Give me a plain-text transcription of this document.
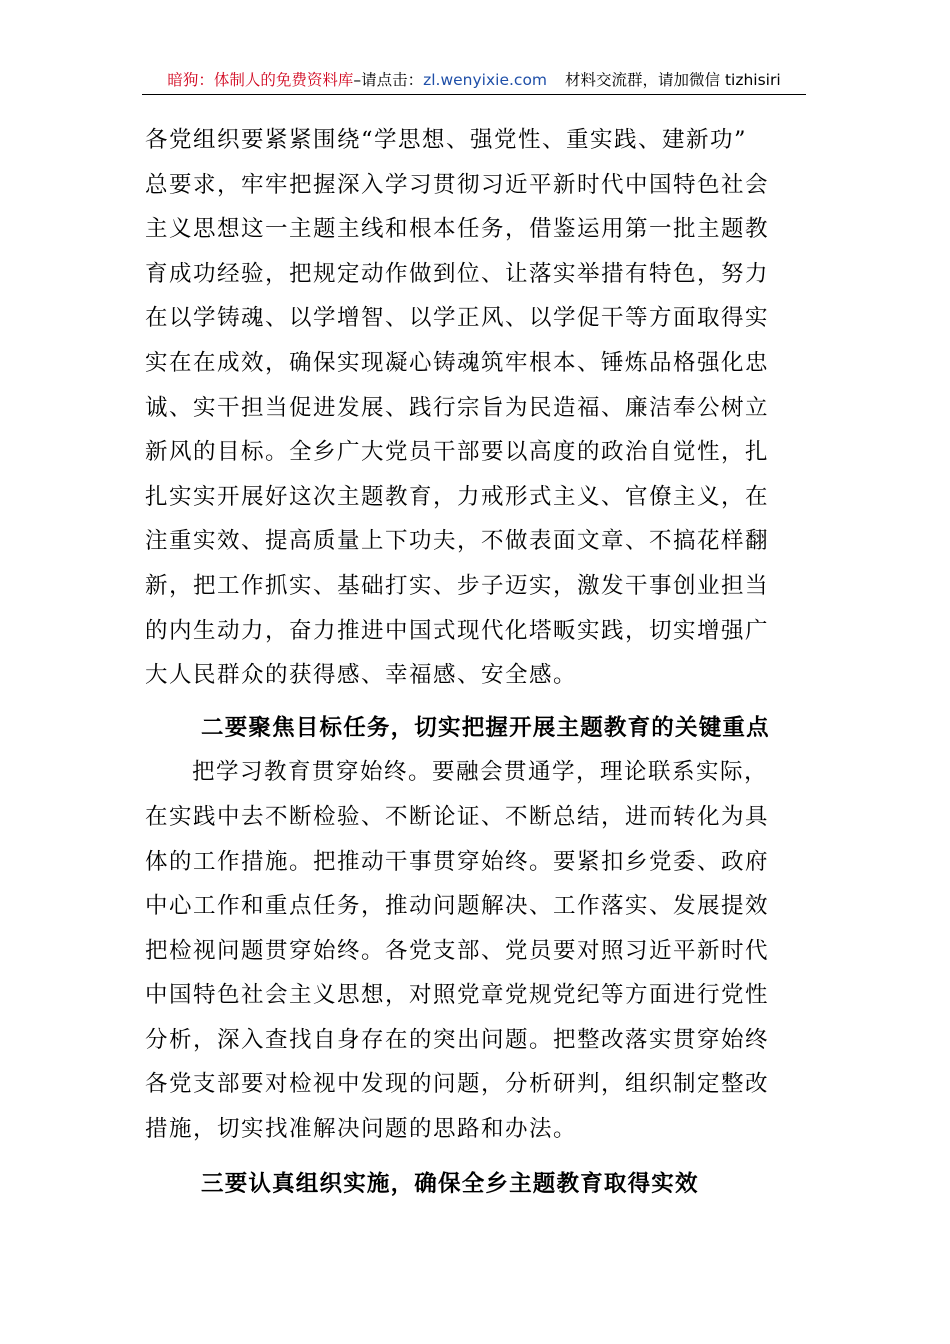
暗狗：体制人的免费资料库–请点击：zl.wenyixie.com 材料交流群，请加微信 tizhisiri
各党组织要紧紧围绕“学思想、强党性、重实践、建新功”
总要求，牢牢把握深入学习贯彻习近平新时代中国特色社会
主义思想这一主题主线和根本任务，借鉴运用第一批主题教
育成功经验，把规定动作做到位、让落实举措有特色，努力
在以学铸魂、以学增智、以学正风、以学促干等方面取得实
实在在成效，确保实现凝心铸魂筑牢根本、锤炼品格强化忠
诚、实干担当促进发展、践行宗旨为民造福、廉洁奉公树立
新风的目标。全乡广大党员干部要以高度的政治自觉性，扎
扎实实开展好这次主题教育，力戒形式主义、官僚主义，在
注重实效、提高质量上下功夫，不做表面文章、不搞花样翻
新，把工作抓实、基础打实、步子迈实，激发干事创业担当
的内生动力，奋力推进中国式现代化塔畈实践，切实增强广
大人民群众的获得感、幸福感、安全感。
二要聚焦目标任务，切实把握开展主题教育的关键重点
把学习教育贯穿始终。要融会贯通学，理论联系实际，
在实践中去不断检验、不断论证、不断总结，进而转化为具
体的工作措施。把推动干事贯穿始终。要紧扣乡党委、政府
中心工作和重点任务，推动问题解决、工作落实、发展提效
把检视问题贯穿始终。各党支部、党员要对照习近平新时代
中国特色社会主义思想，对照党章党规党纪等方面进行党性
分析，深入查找自身存在的突出问题。把整改落实贯穿始终
各党支部要对检视中发现的问题，分析研判，组织制定整改
措施，切实找准解决问题的思路和办法。
三要认真组织实施，确保全乡主题教育取得实效
